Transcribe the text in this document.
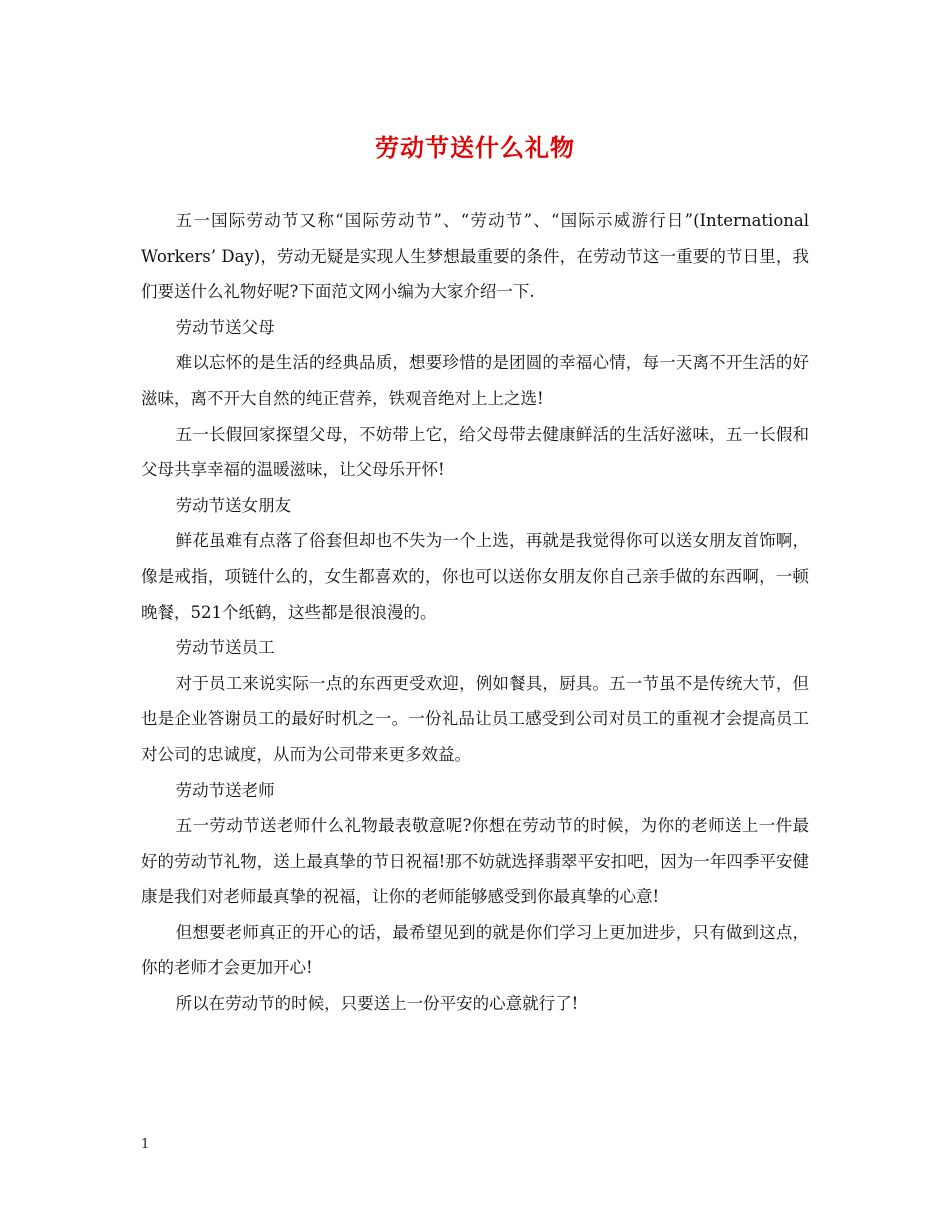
劳动节送什么礼物

五一国际劳动节又称“国际劳动节”、“劳动节”、“国际示威游行日”(International Workers’ Day)，劳动无疑是实现人生梦想最重要的条件，在劳动节这一重要的节日里，我们要送什么礼物好呢?下面范文网小编为大家介绍一下.

劳动节送父母

难以忘怀的是生活的经典品质，想要珍惜的是团圆的幸福心情，每一天离不开生活的好滋味，离不开大自然的纯正营养，铁观音绝对上上之选!

五一长假回家探望父母，不妨带上它，给父母带去健康鲜活的生活好滋味，五一长假和父母共享幸福的温暖滋味，让父母乐开怀!

劳动节送女朋友

鲜花虽难有点落了俗套但却也不失为一个上选，再就是我觉得你可以送女朋友首饰啊，像是戒指，项链什么的，女生都喜欢的，你也可以送你女朋友你自己亲手做的东西啊，一顿晚餐，521个纸鹤，这些都是很浪漫的。

劳动节送员工

对于员工来说实际一点的东西更受欢迎，例如餐具，厨具。五一节虽不是传统大节，但也是企业答谢员工的最好时机之一。一份礼品让员工感受到公司对员工的重视才会提高员工对公司的忠诚度，从而为公司带来更多效益。

劳动节送老师

五一劳动节送老师什么礼物最表敬意呢?你想在劳动节的时候，为你的老师送上一件最好的劳动节礼物，送上最真挚的节日祝福!那不妨就选择翡翠平安扣吧，因为一年四季平安健康是我们对老师最真挚的祝福，让你的老师能够感受到你最真挚的心意!

但想要老师真正的开心的话，最希望见到的就是你们学习上更加进步，只有做到这点，你的老师才会更加开心!

所以在劳动节的时候，只要送上一份平安的心意就行了!

1
